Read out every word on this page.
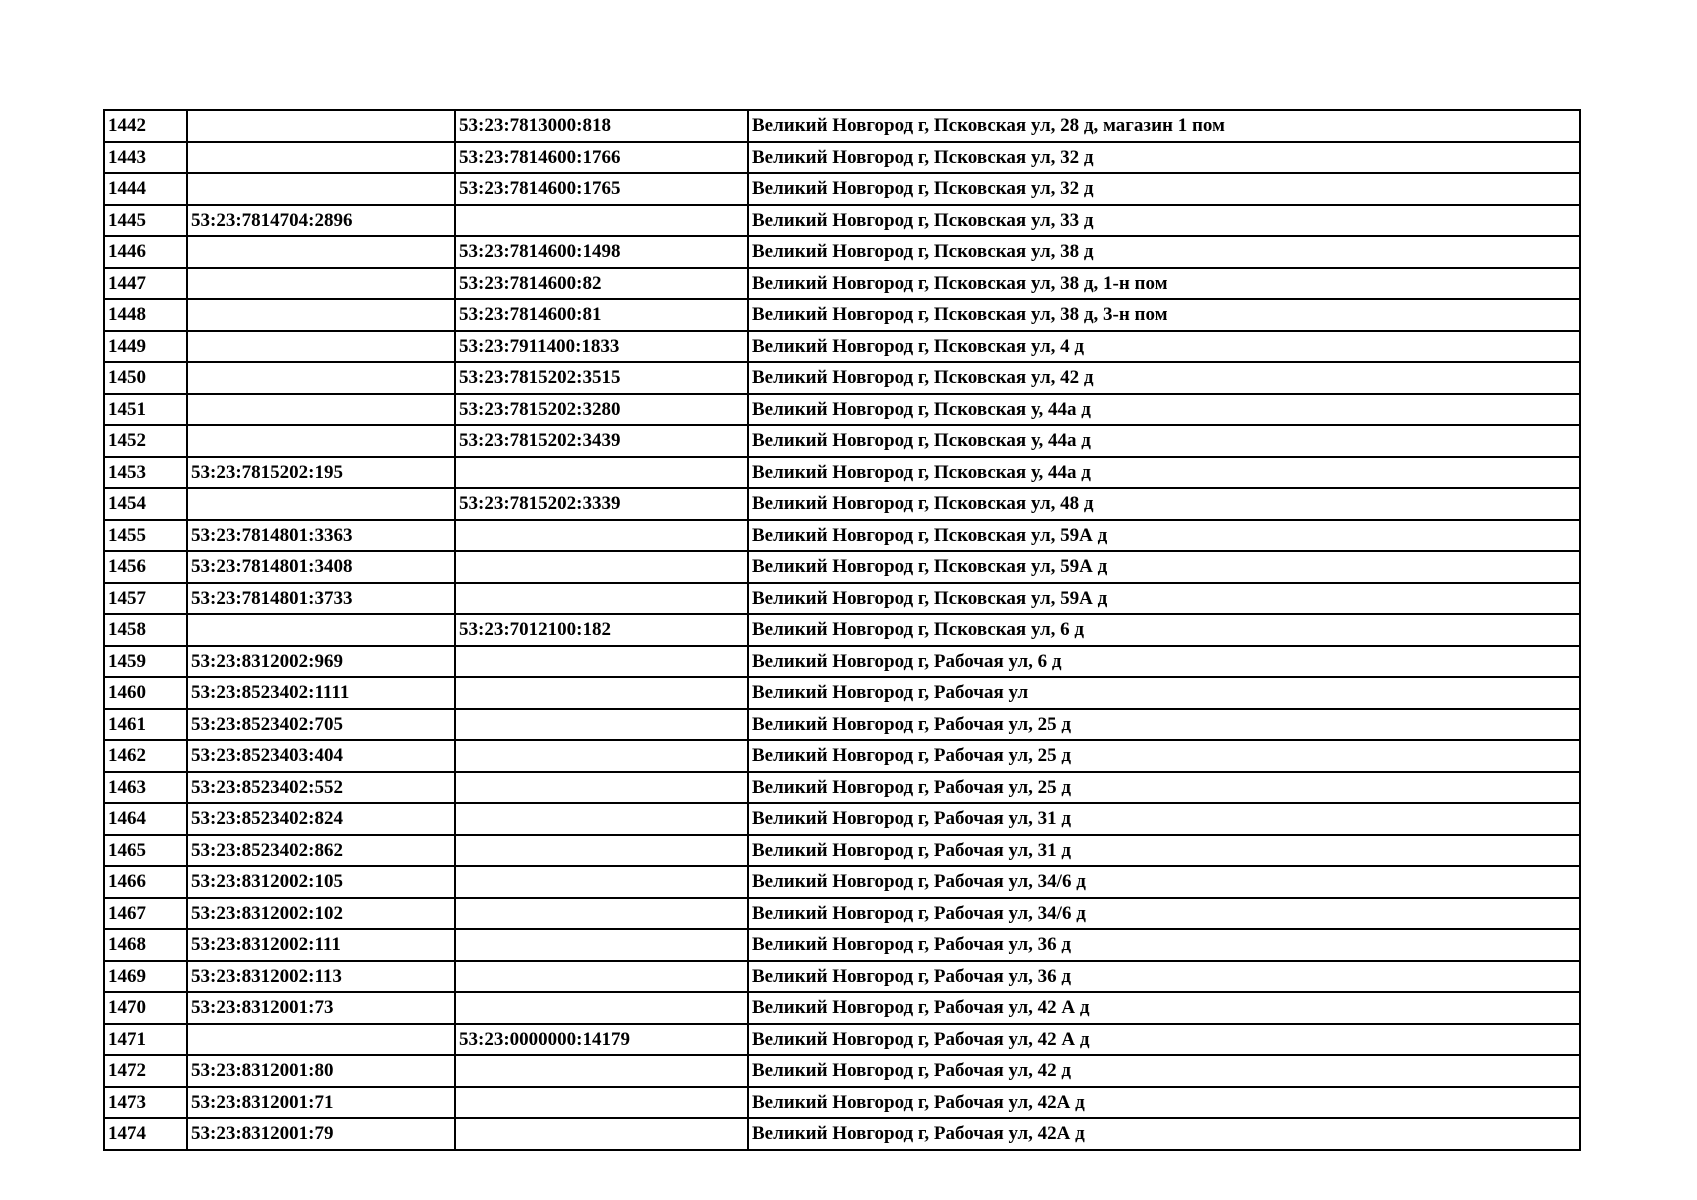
1442		53:23:7813000:818	Великий Новгород г, Псковская ул, 28 д, магазин 1 пом
1443		53:23:7814600:1766	Великий Новгород г, Псковская ул, 32 д
1444		53:23:7814600:1765	Великий Новгород г, Псковская ул, 32 д
1445	53:23:7814704:2896		Великий Новгород г, Псковская ул, 33 д
1446		53:23:7814600:1498	Великий Новгород г, Псковская ул, 38 д
1447		53:23:7814600:82	Великий Новгород г, Псковская ул, 38 д, 1-н пом
1448		53:23:7814600:81	Великий Новгород г, Псковская ул, 38 д, 3-н пом
1449		53:23:7911400:1833	Великий Новгород г, Псковская ул, 4 д
1450		53:23:7815202:3515	Великий Новгород г, Псковская ул, 42 д
1451		53:23:7815202:3280	Великий Новгород г, Псковская у, 44а д
1452		53:23:7815202:3439	Великий Новгород г, Псковская у, 44а д
1453	53:23:7815202:195		Великий Новгород г, Псковская у, 44а д
1454		53:23:7815202:3339	Великий Новгород г, Псковская ул, 48 д
1455	53:23:7814801:3363		Великий Новгород г, Псковская ул, 59А д
1456	53:23:7814801:3408		Великий Новгород г, Псковская ул, 59А д
1457	53:23:7814801:3733		Великий Новгород г, Псковская ул, 59А д
1458		53:23:7012100:182	Великий Новгород г, Псковская ул, 6 д
1459	53:23:8312002:969		Великий Новгород г, Рабочая ул, 6 д
1460	53:23:8523402:1111		Великий Новгород г, Рабочая ул
1461	53:23:8523402:705		Великий Новгород г, Рабочая ул, 25 д
1462	53:23:8523403:404		Великий Новгород г, Рабочая ул, 25 д
1463	53:23:8523402:552		Великий Новгород г, Рабочая ул, 25 д
1464	53:23:8523402:824		Великий Новгород г, Рабочая ул, 31 д
1465	53:23:8523402:862		Великий Новгород г, Рабочая ул, 31 д
1466	53:23:8312002:105		Великий Новгород г, Рабочая ул, 34/6 д
1467	53:23:8312002:102		Великий Новгород г, Рабочая ул, 34/6 д
1468	53:23:8312002:111		Великий Новгород г, Рабочая ул, 36 д
1469	53:23:8312002:113		Великий Новгород г, Рабочая ул, 36 д
1470	53:23:8312001:73		Великий Новгород г, Рабочая ул, 42 А д
1471		53:23:0000000:14179	Великий Новгород г, Рабочая ул, 42 А д
1472	53:23:8312001:80		Великий Новгород г, Рабочая ул, 42 д
1473	53:23:8312001:71		Великий Новгород г, Рабочая ул, 42А д
1474	53:23:8312001:79		Великий Новгород г, Рабочая ул, 42А д
